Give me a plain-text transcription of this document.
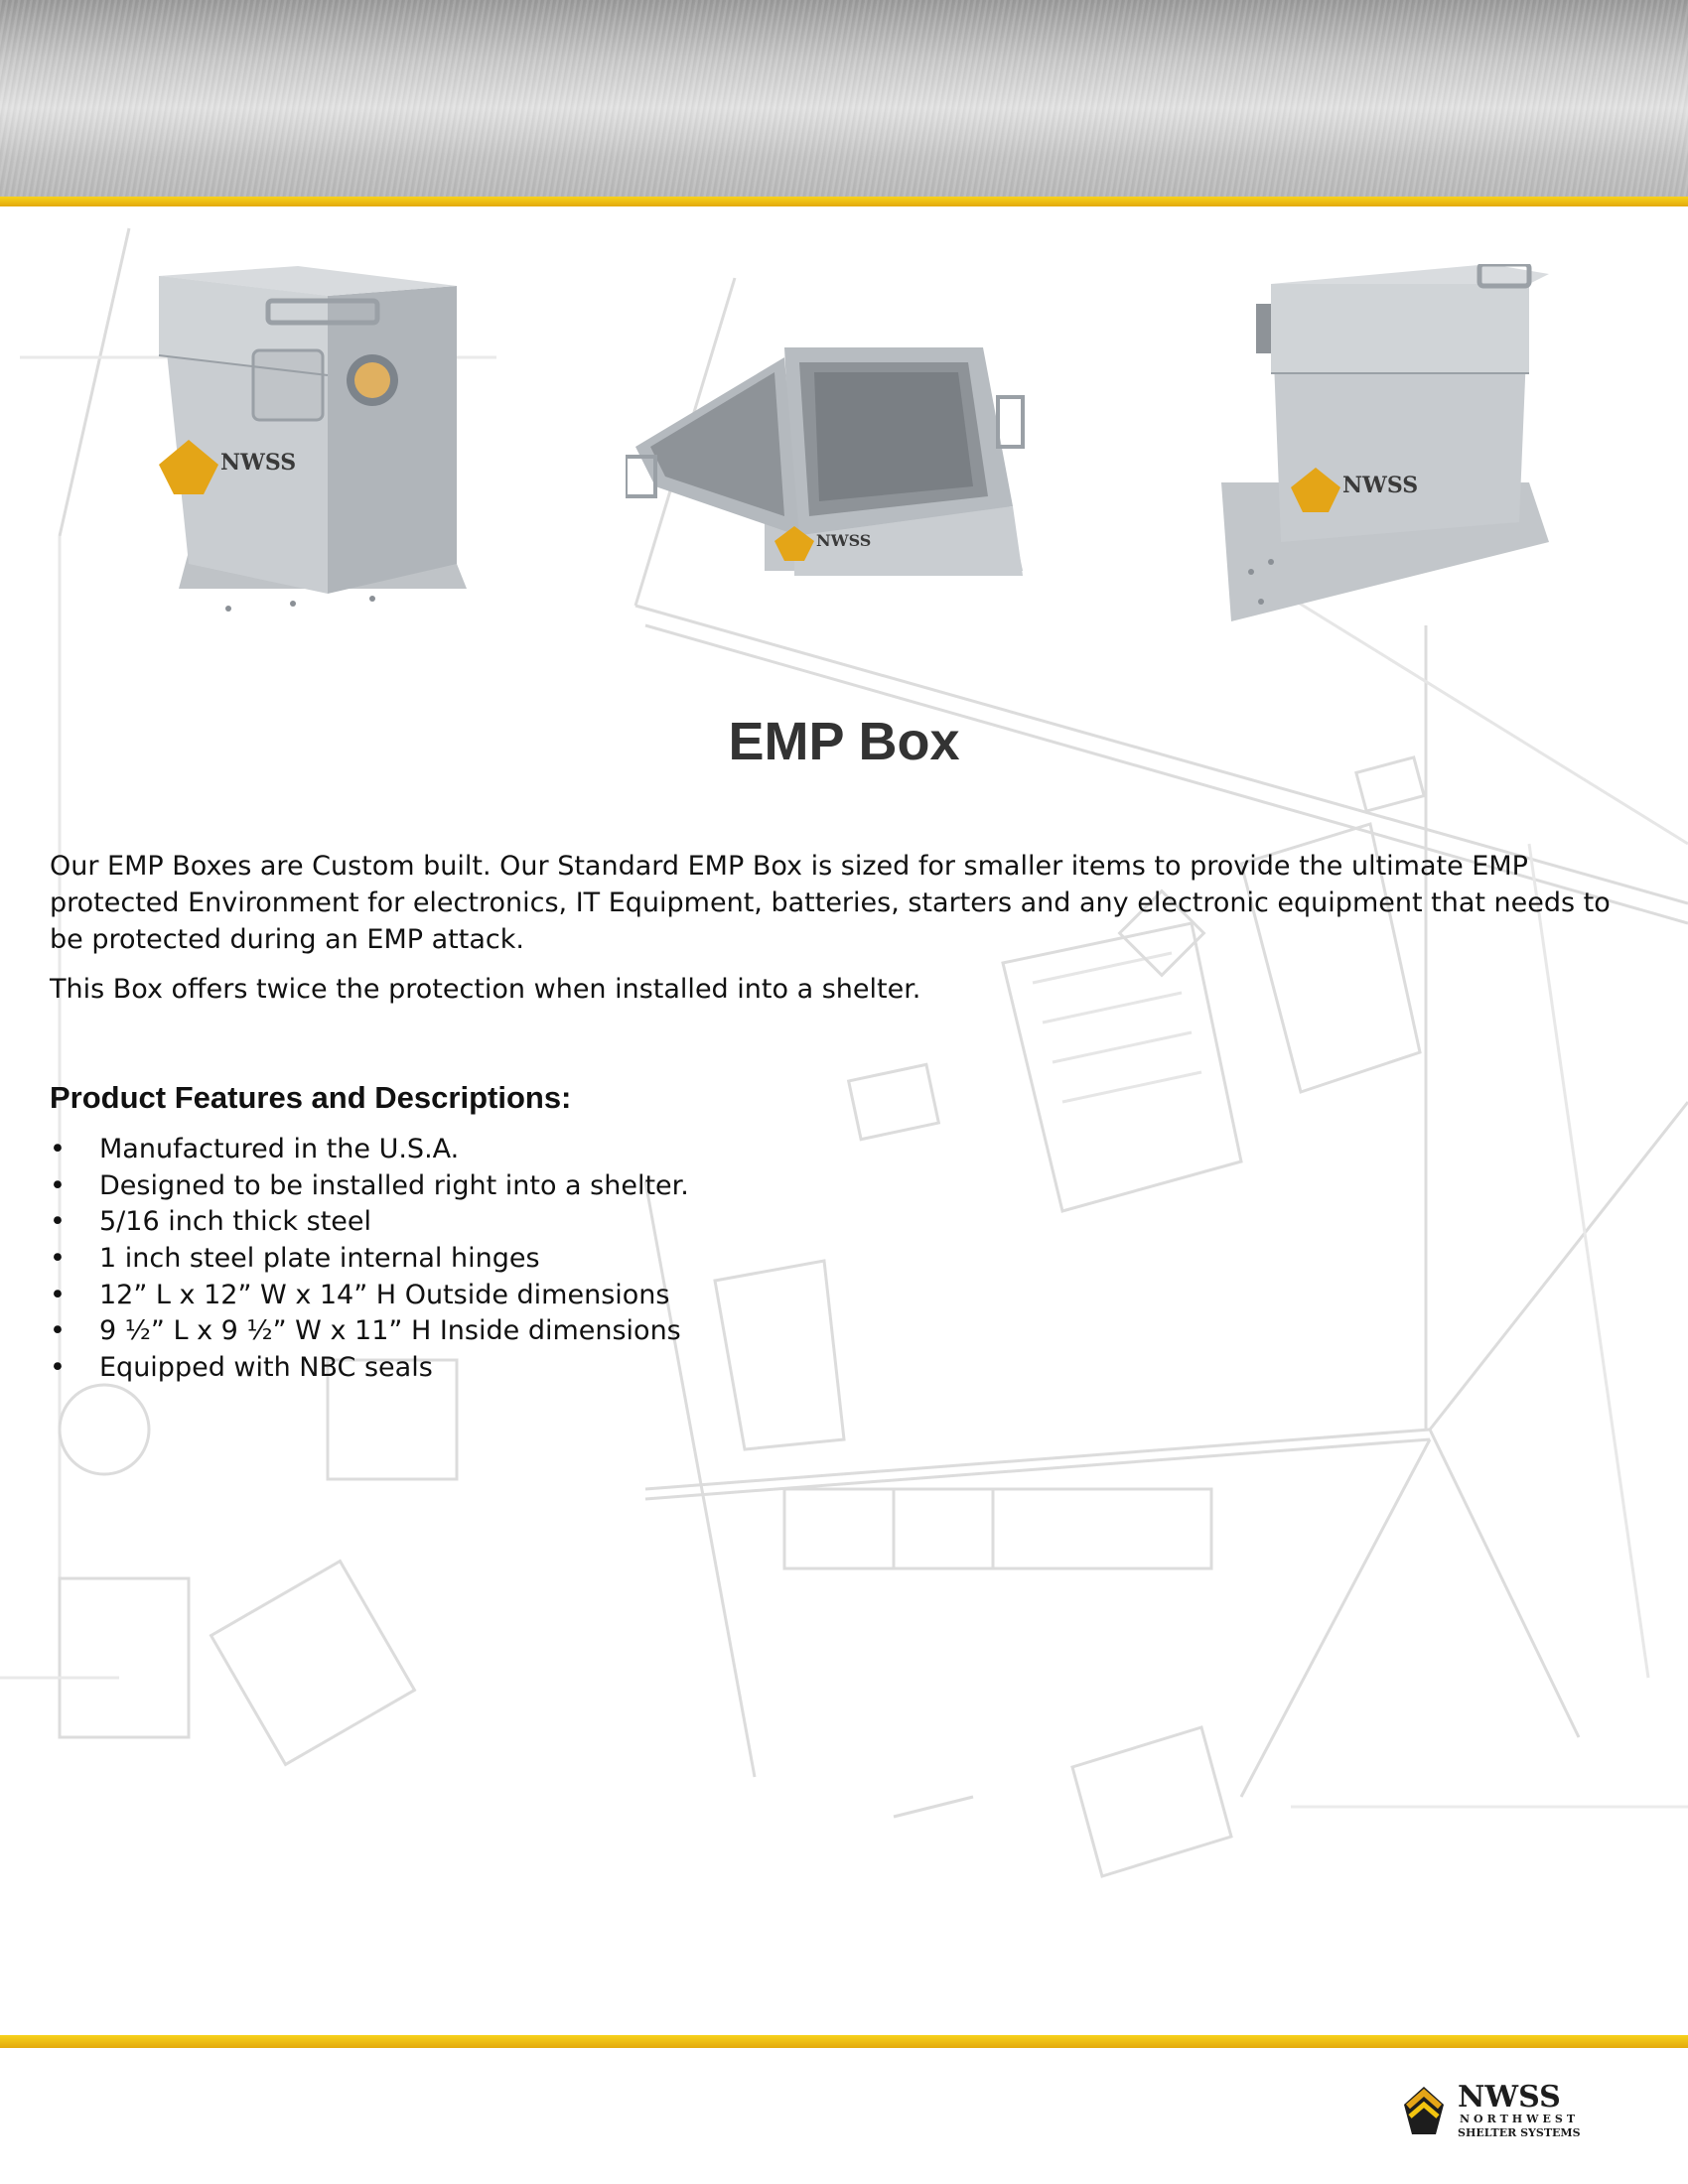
NWSS
NWSS
NWSS
EMP Box

Our EMP Boxes are Custom built. Our Standard EMP Box is sized for smaller items to provide the ultimate EMP protected Environment for electronics, IT Equipment, batteries, starters and any electronic equipment that needs to be protected during an EMP attack.

This Box offers twice the protection when installed into a shelter.

Product Features and Descriptions:
• Manufactured in the U.S.A.
• Designed to be installed right into a shelter.
• 5/16 inch thick steel
• 1 inch steel plate internal hinges
• 12” L x 12” W x 14” H Outside dimensions
• 9 ½” L x 9 ½” W x 11” H Inside dimensions
• Equipped with NBC seals
NWSS
NORTHWEST
SHELTER SYSTEMS
